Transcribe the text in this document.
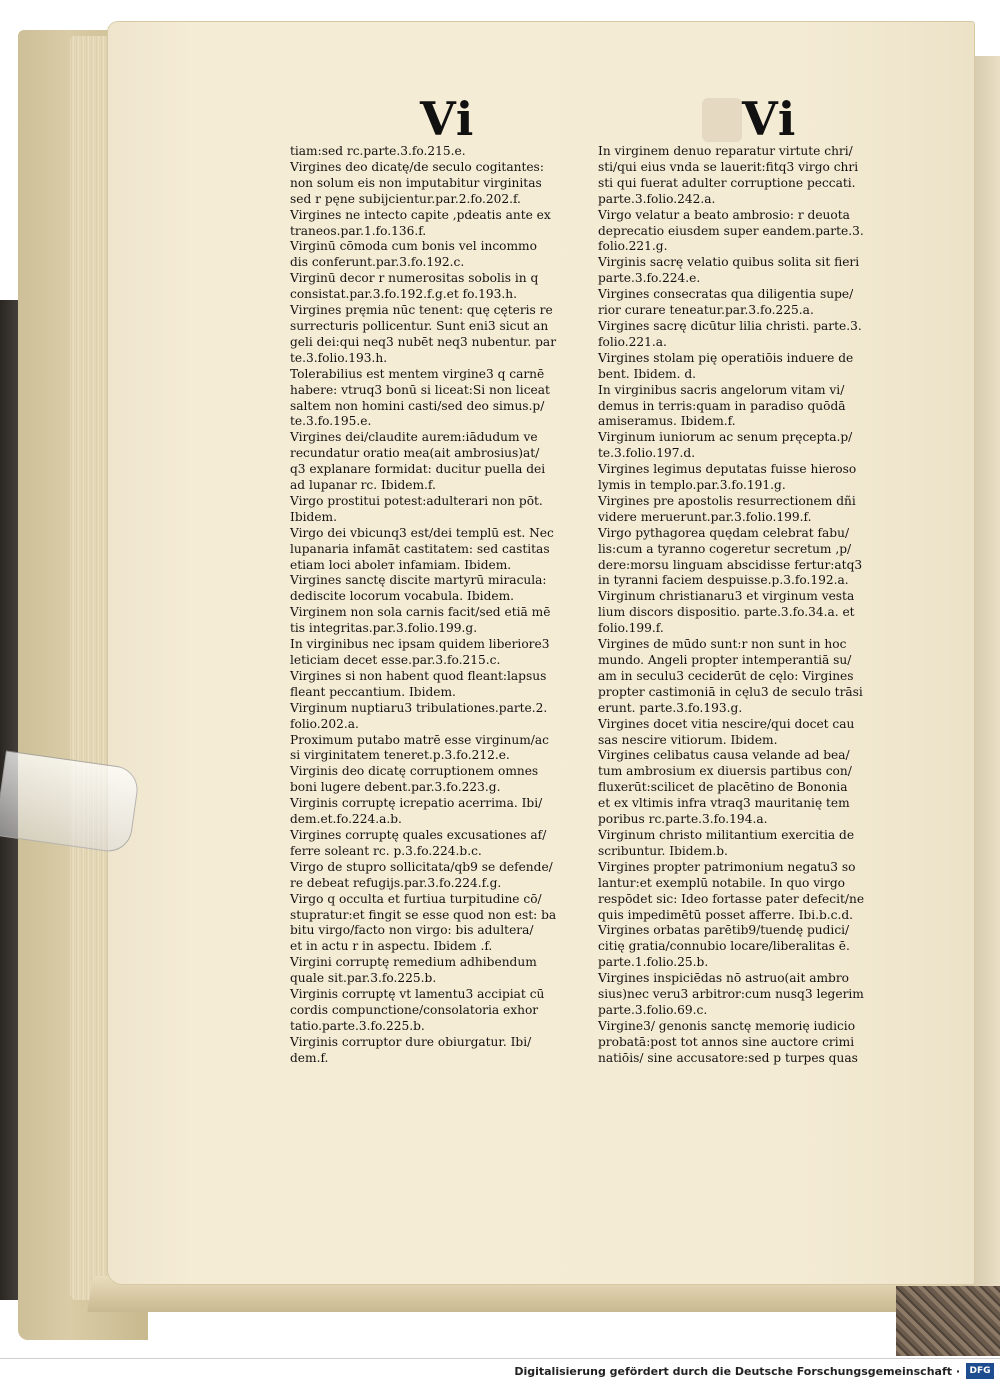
Vi	Vi
tiam:sed rc.parte.3.fo.215.e.
Virgines deo dicatę/de seculo cogitantes:
non solum eis non imputabitur virginitas
sed r pęne subijcientur.par.2.fo.202.f.
Virgines ne intecto capite ,pdeatis ante ex
traneos.par.1.fo.136.f.
Virginū cōmoda cum bonis vel incommo
dis conferunt.par.3.fo.192.c.
Virginū decor r numerositas sobolis in q
consistat.par.3.fo.192.f.g.et fo.193.h.
Virgines pręmia nūc tenent: quę cęteris re
surrecturis pollicentur. Sunt eni3 sicut an
geli dei:qui neq3 nubēt neq3 nubentur. par
te.3.folio.193.h.
Tolerabilius est mentem virgine3 q carnē
habere: vtruq3 bonū si liceat:Si non liceat
saltem non homini casti/sed deo simus.p/
te.3.fo.195.e.
Virgines dei/claudite aurem:iādudum ve
recundatur oratio mea(ait ambrosius)at/
q3 explanare formidat: ducitur puella dei
ad lupanar rc. Ibidem.f.
Virgo prostitui potest:adulterari non pōt.
Ibidem.
Virgo dei vbicunq3 est/dei templū est. Nec
lupanaria infamāt castitatem: sed castitas
etiam loci aboleт infamiam. Ibidem.
Virgines sanctę discite martyrū miracula:
dediscite locorum vocabula. Ibidem.
Virginem non sola carnis facit/sed etiā mē
tis integritas.par.3.folio.199.g.
In virginibus nec ipsam quidem liberiore3
leticiam decet esse.par.3.fo.215.c.
Virgines si non habent quod fleant:lapsus
fleant peccantium. Ibidem.
Virginum nuptiaru3 tribulationes.parte.2.
folio.202.a.
Proximum putabo matrē esse virginum/ac
si virginitatem teneret.p.3.fo.212.e.
Virginis deo dicatę corruptionem omnes
boni lugere debent.par.3.fo.223.g.
Virginis corruptę icrepatio acerrima. Ibi/
dem.et.fo.224.a.b.
Virgines corruptę quales excusationes af/
ferre soleant rc. p.3.fo.224.b.c.
Virgo de stupro sollicitata/qb9 se defende/
re debeat refugijs.par.3.fo.224.f.g.
Virgo q occulta et furtiua turpitudine cō/
stupratur:et fingit se esse quod non est: ba
bitu virgo/facto non virgo: bis adultera/
et in actu r in aspectu. Ibidem .f.
Virgini corruptę remedium adhibendum
quale sit.par.3.fo.225.b.
Virginis corruptę vt lamentu3 accipiat cū
cordis compunctione/consolatoria exhor
tatio.parte.3.fo.225.b.
Virginis corruptor dure obiurgatur. Ibi/
dem.f.
In virginem denuo reparatur virtute chri/
sti/qui eius vnda se lauerit:fitq3 virgo chri
sti qui fuerat adulter corruptione peccati.
parte.3.folio.242.a.
Virgo velatur a beato ambrosio: r deuota
deprecatio eiusdem super eandem.parte.3.
folio.221.g.
Virginis sacrę velatio quibus solita sit fieri
parte.3.fo.224.e.
Virgines consecratas qua diligentia supe/
rior curare teneatur.par.3.fo.225.a.
Virgines sacrę dicūtur lilia christi. parte.3.
folio.221.a.
Virgines stolam pię operatiōis induere de
bent. Ibidem. d.
In virginibus sacris angelorum vitam vi/
demus in terris:quam in paradiso quōdā
amiseramus. Ibidem.f.
Virginum iuniorum ac senum pręcepta.p/
te.3.folio.197.d.
Virgines legimus deputatas fuisse hieroso
lymis in templo.par.3.fo.191.g.
Virgines pre apostolis resurrectionem dñi
videre meruerunt.par.3.folio.199.f.
Virgo pythagorea quędam celebrat fabu/
lis:cum a tyranno cogeretur secretum ,p/
dere:morsu linguam abscidisse fertur:atq3
in tyranni faciem despuisse.p.3.fo.192.a.
Virginum christianaru3 et virginum vesta
lium discors dispositio. parte.3.fo.34.a. et
folio.199.f.
Virgines de mūdo sunt:r non sunt in hoc
mundo. Angeli propter intemperantiā su/
am in seculu3 ceciderūt de cęlo: Virgines
propter castimoniā in cęlu3 de seculo trāsi
erunt. parte.3.fo.193.g.
Virgines docet vitia nescire/qui docet cau
sas nescire vitiorum. Ibidem.
Virgines celibatus causa velande ad bea/
tum ambrosium ex diuersis partibus con/
fluxerūt:scilicet de placētino de Bononia
et ex vltimis infra vtraq3 mauritanię tem
poribus rc.parte.3.fo.194.a.
Virginum christo militantium exercitia de
scribuntur. Ibidem.b.
Virgines propter patrimonium negatu3 so
lantur:et exemplū notabile. In quo virgo
respōdet sic: Ideo fortasse pater defecit/ne
quis impedimētū posset afferre. Ibi.b.c.d.
Virgines orbatas parētib9/tuendę pudici/
citię gratia/connubio locare/liberalitas ē.
parte.1.folio.25.b.
Virgines inspiciēdas nō astruo(ait ambro
sius)nec veru3 arbitror:cum nusq3 legerim
parte.3.folio.69.c.
Virgine3/ genonis sanctę memorię iudicio
probatā:post tot annos sine auctore crimi
natiōis/ sine accusatore:sed p turpes quas
Digitalisierung gefördert durch die Deutsche Forschungsgemeinschaft ·	DFG
